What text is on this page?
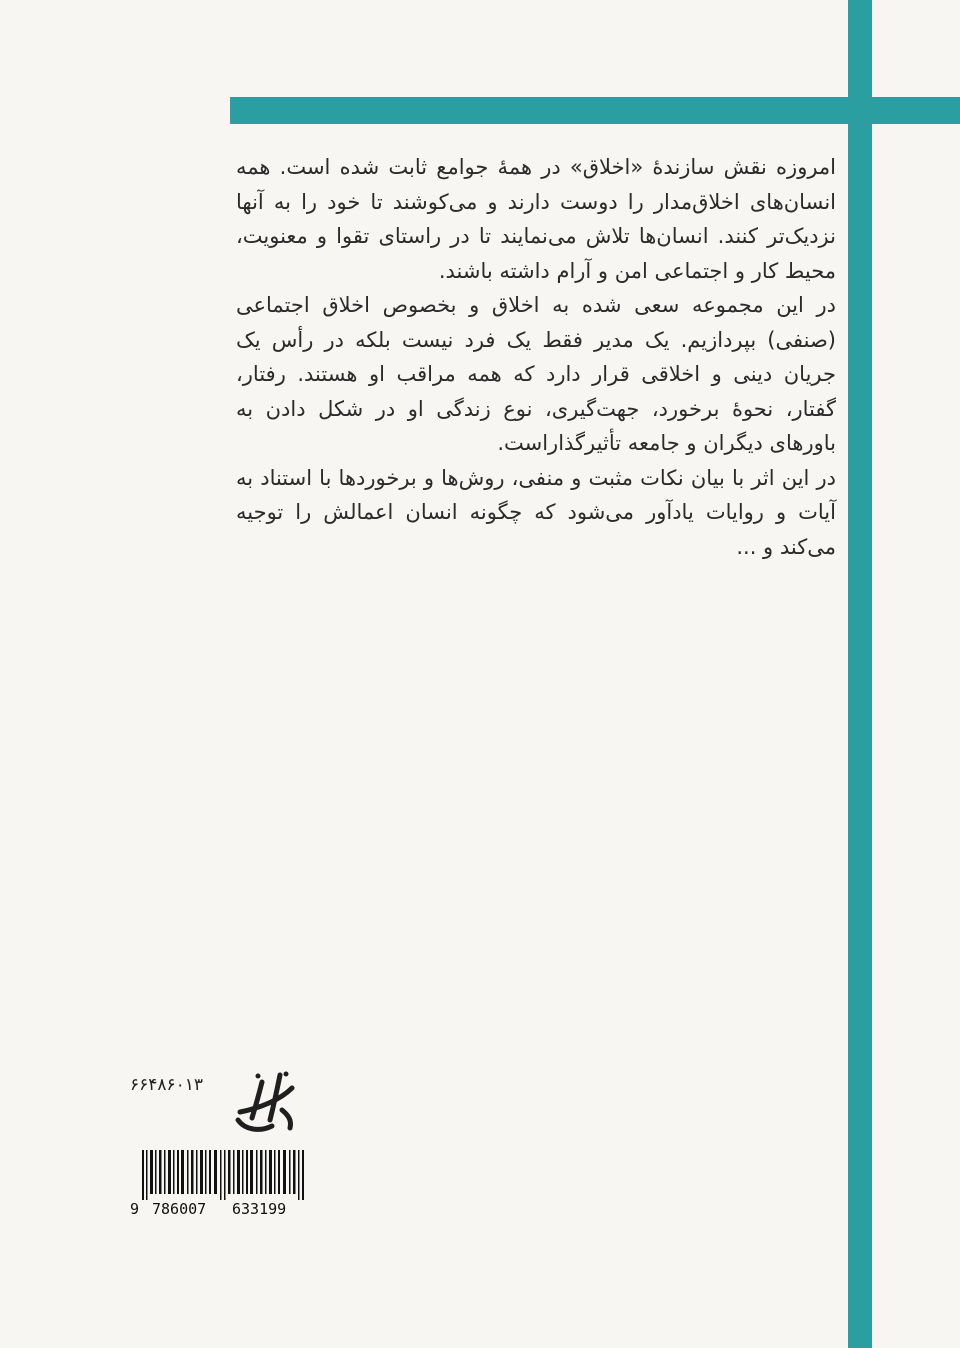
امروزه نقش سازندهٔ «اخلاق» در همهٔ جوامع ثابت شده است. همه انسان‌های اخلاق‌مدار را دوست دارند و می‌کوشند تا خود را به آنها نزدیک‌تر کنند. انسان‌ها تلاش می‌نمایند تا در راستای تقوا و معنویت، محیط کار و اجتماعی امن و آرام داشته باشند.

در این مجموعه سعی شده به اخلاق و بخصوص اخلاق اجتماعی (صنفی) بپردازیم. یک مدیر فقط یک فرد نیست بلکه در رأس یک جریان دینی و اخلاقی قرار دارد که همه مراقب او هستند. رفتار، گفتار، نحوهٔ برخورد، جهت‌گیری، نوع زندگی او در شکل دادن به باورهای دیگران و جامعه تأثیرگذاراست.

در این اثر با بیان نکات مثبت و منفی، روش‌ها و برخوردها با استناد به آیات و روایات یادآور می‌شود که چگونه انسان اعمالش را توجیه می‌کند و ...

۶۶۴۸۶۰۱۳
9 786007 633199
